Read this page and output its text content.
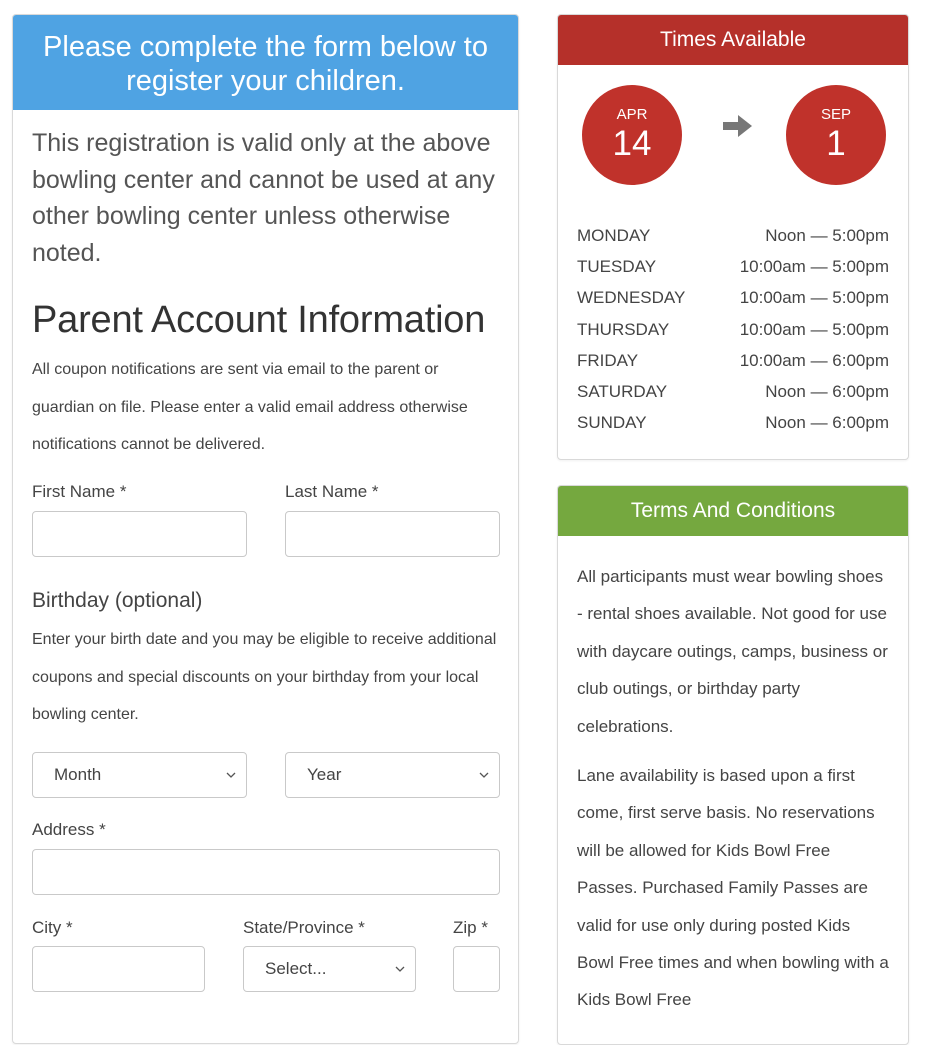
Please complete the form below to register your children.

This registration is valid only at the above bowling center and cannot be used at any other bowling center unless otherwise noted.

Parent Account Information

All coupon notifications are sent via email to the parent or guardian on file. Please enter a valid email address otherwise notifications cannot be delivered.

First Name *	Last Name *
Birthday (optional)

Enter your birth date and you may be eligible to receive additional coupons and special discounts on your birthday from your local bowling center.

Month	Year
Address *
City *	State/Province *	Zip *
Select...
Times Available
APR
14
SEP
1
MONDAY	Noon — 5:00pm
TUESDAY	10:00am — 5:00pm
WEDNESDAY	10:00am — 5:00pm
THURSDAY	10:00am — 5:00pm
FRIDAY	10:00am — 6:00pm
SATURDAY	Noon — 6:00pm
SUNDAY	Noon — 6:00pm
Terms And Conditions

All participants must wear bowling shoes - rental shoes available. Not good for use with daycare outings, camps, business or club outings, or birthday party celebrations.

Lane availability is based upon a first come, first serve basis. No reservations will be allowed for Kids Bowl Free Passes. Purchased Family Passes are valid for use only during posted Kids Bowl Free times and when bowling with a Kids Bowl Free
